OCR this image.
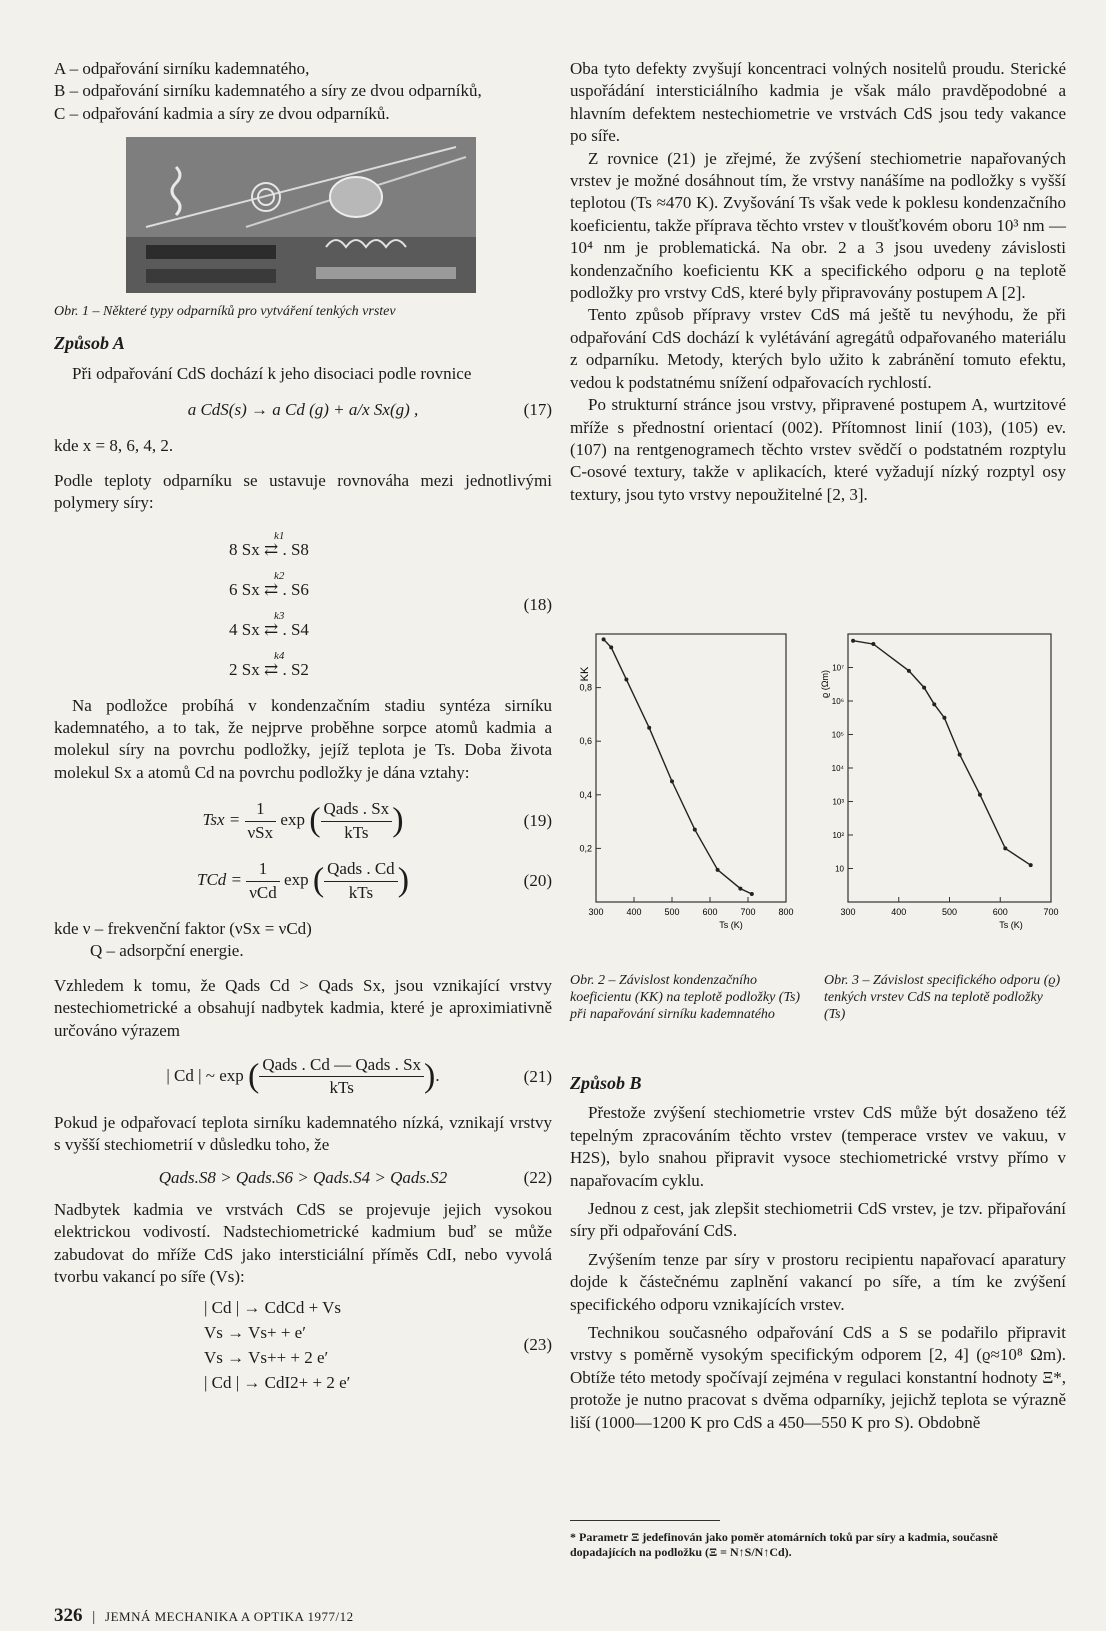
A – odpařování sirníku kademnatého,

B – odpařování sirníku kademnatého a síry ze dvou odparníků,

C – odpařování kadmia a síry ze dvou odparníků.

Obr. 1 – Některé typy odparníků pro vytváření tenkých vrstev

Způsob A

Při odpařování CdS dochází k jeho disociaci podle rovnice

a CdS(s) → a Cd (g) + a/x Sx(g) ,	(17)

kde x = 8, 6, 4, 2.

Podle teploty odparníku se ustavuje rovnováha mezi jednotlivými polymery síry:

k1
8 Sx ⇄ . S8
k2
6 Sx ⇄ . S6
k3
4 Sx ⇄ . S4
k4
2 Sx ⇄ . S2
(18)

Na podložce probíhá v kondenzačním stadiu syntéza sirníku kademnatého, a to tak, že nejprve proběhne sorpce atomů kadmia a molekul síry na povrchu podložky, jejíž teplota je Ts. Doba života molekul Sx a atomů Cd na povrchu podložky je dána vztahy:

Tsx = $\frac{1}{\text{νSx}}$ exp ( $\frac{\text{Qads . Sx}}{\text{kTs}}$ )	(19)
TCd = $\frac{1}{\text{νCd}}$ exp ( $\frac{\text{Qads . Cd}}{\text{kTs}}$ )	(20)

kde ν – frekvenční faktor (νSx = νCd)

Q – adsorpční energie.

Vzhledem k tomu, že Qads Cd > Qads Sx, jsou vznikající vrstvy nestechiometrické a obsahují nadbytek kadmia, které je aproximiativně určováno výrazem

| Cd | ~ exp ( $\frac{\text{Qads . Cd — Qads . Sx}}{\text{kTs}}$ ).	(21)

Pokud je odpařovací teplota sirníku kademnatého nízká, vznikají vrstvy s vyšší stechiometrií v důsledku toho, že

Qads.S8 > Qads.S6 > Qads.S4 > Qads.S2	(22)

Nadbytek kadmia ve vrstvách CdS se projevuje jejich vysokou elektrickou vodivostí. Nadstechiometrické kadmium buď se může zabudovat do mříže CdS jako intersticiální příměs CdI, nebo vyvolá tvorbu vakancí po síře (Vs):

| Cd | → CdCd + Vs
Vs → Vs+ + e′
Vs → Vs++ + 2 e′
| Cd | → CdI2+ + 2 e′
(23)

Oba tyto defekty zvyšují koncentraci volných nositelů proudu. Sterické uspořádání intersticiálního kadmia je však málo pravděpodobné a hlavním defektem nestechiometrie ve vrstvách CdS jsou tedy vakance po síře.

Z rovnice (21) je zřejmé, že zvýšení stechiometrie napařovaných vrstev je možné dosáhnout tím, že vrstvy nanášíme na podložky s vyšší teplotou (Ts ≈470 K). Zvyšování Ts však vede k poklesu kondenzačního koeficientu, takže příprava těchto vrstev v tloušťkovém oboru 10³ nm — 10⁴ nm je problematická. Na obr. 2 a 3 jsou uvedeny závislosti kondenzačního koeficientu KK a specifického odporu ϱ na teplotě podložky pro vrstvy CdS, které byly připravovány postupem A [2].

Tento způsob přípravy vrstev CdS má ještě tu nevýhodu, že při odpařování CdS dochází k vylétávání agregátů odpařovaného materiálu z odparníku. Metody, kterých bylo užito k zabránění tomuto efektu, vedou k podstatnému snížení odpařovacích rychlostí.

Po strukturní stránce jsou vrstvy, připravené postupem A, wurtzitové mříže s přednostní orientací (002). Přítomnost linií (103), (105) ev. (107) na rentgenogramech těchto vrstev svědčí o podstatném rozptylu C-osové textury, takže v aplikacích, které vyžadují nízký rozptyl osy textury, jsou tyto vrstvy nepoužitelné [2, 3].

0,2
0,4
0,6
0,8
300	400	500	600	700	800
KK
Ts (K)
10
10²
10³
10⁴
10⁵
10⁶
10⁷
300	400	500	600	700
ϱ (Ωm)
Ts (K)

Obr. 2 – Závislost kondenzačního koeficientu (KK) na teplotě podložky (Ts) při napařování sirníku kademnatého

Obr. 3 – Závislost specifického odporu (ϱ) tenkých vrstev CdS na teplotě podložky (Ts)

Způsob B

Přestože zvýšení stechiometrie vrstev CdS může být dosaženo též tepelným zpracováním těchto vrstev (temperace vrstev ve vakuu, v H2S), bylo snahou připravit vysoce stechiometrické vrstvy přímo v napařovacím cyklu.

Jednou z cest, jak zlepšit stechiometrii CdS vrstev, je tzv. připařování síry při odpařování CdS.

Zvýšením tenze par síry v prostoru recipientu napařovací aparatury dojde k částečnému zaplnění vakancí po síře, a tím ke zvýšení specifického odporu vznikajících vrstev.

Technikou současného odpařování CdS a S se podařilo připravit vrstvy s poměrně vysokým specifickým odporem [2, 4] (ϱ≈10⁸ Ωm). Obtíže této metody spočívají zejména v regulaci konstantní hodnoty Ξ*, protože je nutno pracovat s dvěma odparníky, jejichž teplota se výrazně liší (1000—1200 K pro CdS a 450—550 K pro S). Obdobně

* Parametr Ξ jedefinován jako poměr atomárních toků par síry a kadmia, současně dopadajících na podložku (Ξ = N↑S/N↑Cd).
326 | JEMNÁ MECHANIKA A OPTIKA 1977/12
